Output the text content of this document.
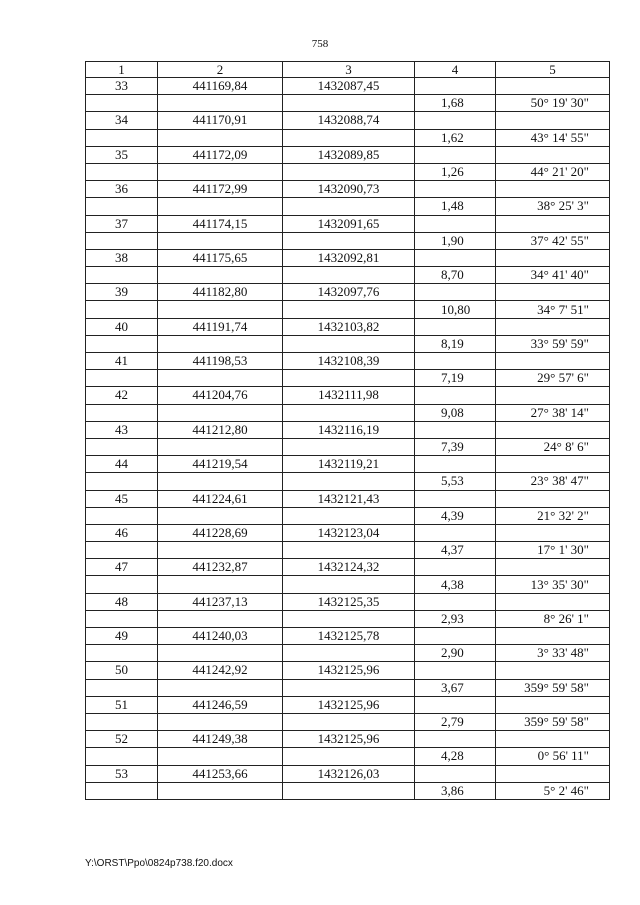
758
1	2	3	4	5
33	441169,84	1432087,45		
			1,68	50° 19' 30"
34	441170,91	1432088,74		
			1,62	43° 14' 55"
35	441172,09	1432089,85		
			1,26	44° 21' 20"
36	441172,99	1432090,73		
			1,48	38° 25' 3"
37	441174,15	1432091,65		
			1,90	37° 42' 55"
38	441175,65	1432092,81		
			8,70	34° 41' 40"
39	441182,80	1432097,76		
			10,80	34° 7' 51"
40	441191,74	1432103,82		
			8,19	33° 59' 59"
41	441198,53	1432108,39		
			7,19	29° 57' 6"
42	441204,76	1432111,98		
			9,08	27° 38' 14"
43	441212,80	1432116,19		
			7,39	24° 8' 6"
44	441219,54	1432119,21		
			5,53	23° 38' 47"
45	441224,61	1432121,43		
			4,39	21° 32' 2"
46	441228,69	1432123,04		
			4,37	17° 1' 30"
47	441232,87	1432124,32		
			4,38	13° 35' 30"
48	441237,13	1432125,35		
			2,93	8° 26' 1"
49	441240,03	1432125,78		
			2,90	3° 33' 48"
50	441242,92	1432125,96		
			3,67	359° 59' 58"
51	441246,59	1432125,96		
			2,79	359° 59' 58"
52	441249,38	1432125,96		
			4,28	0° 56' 11"
53	441253,66	1432126,03		
			3,86	5° 2' 46"
Y:\ORST\Ppo\0824p738.f20.docx
